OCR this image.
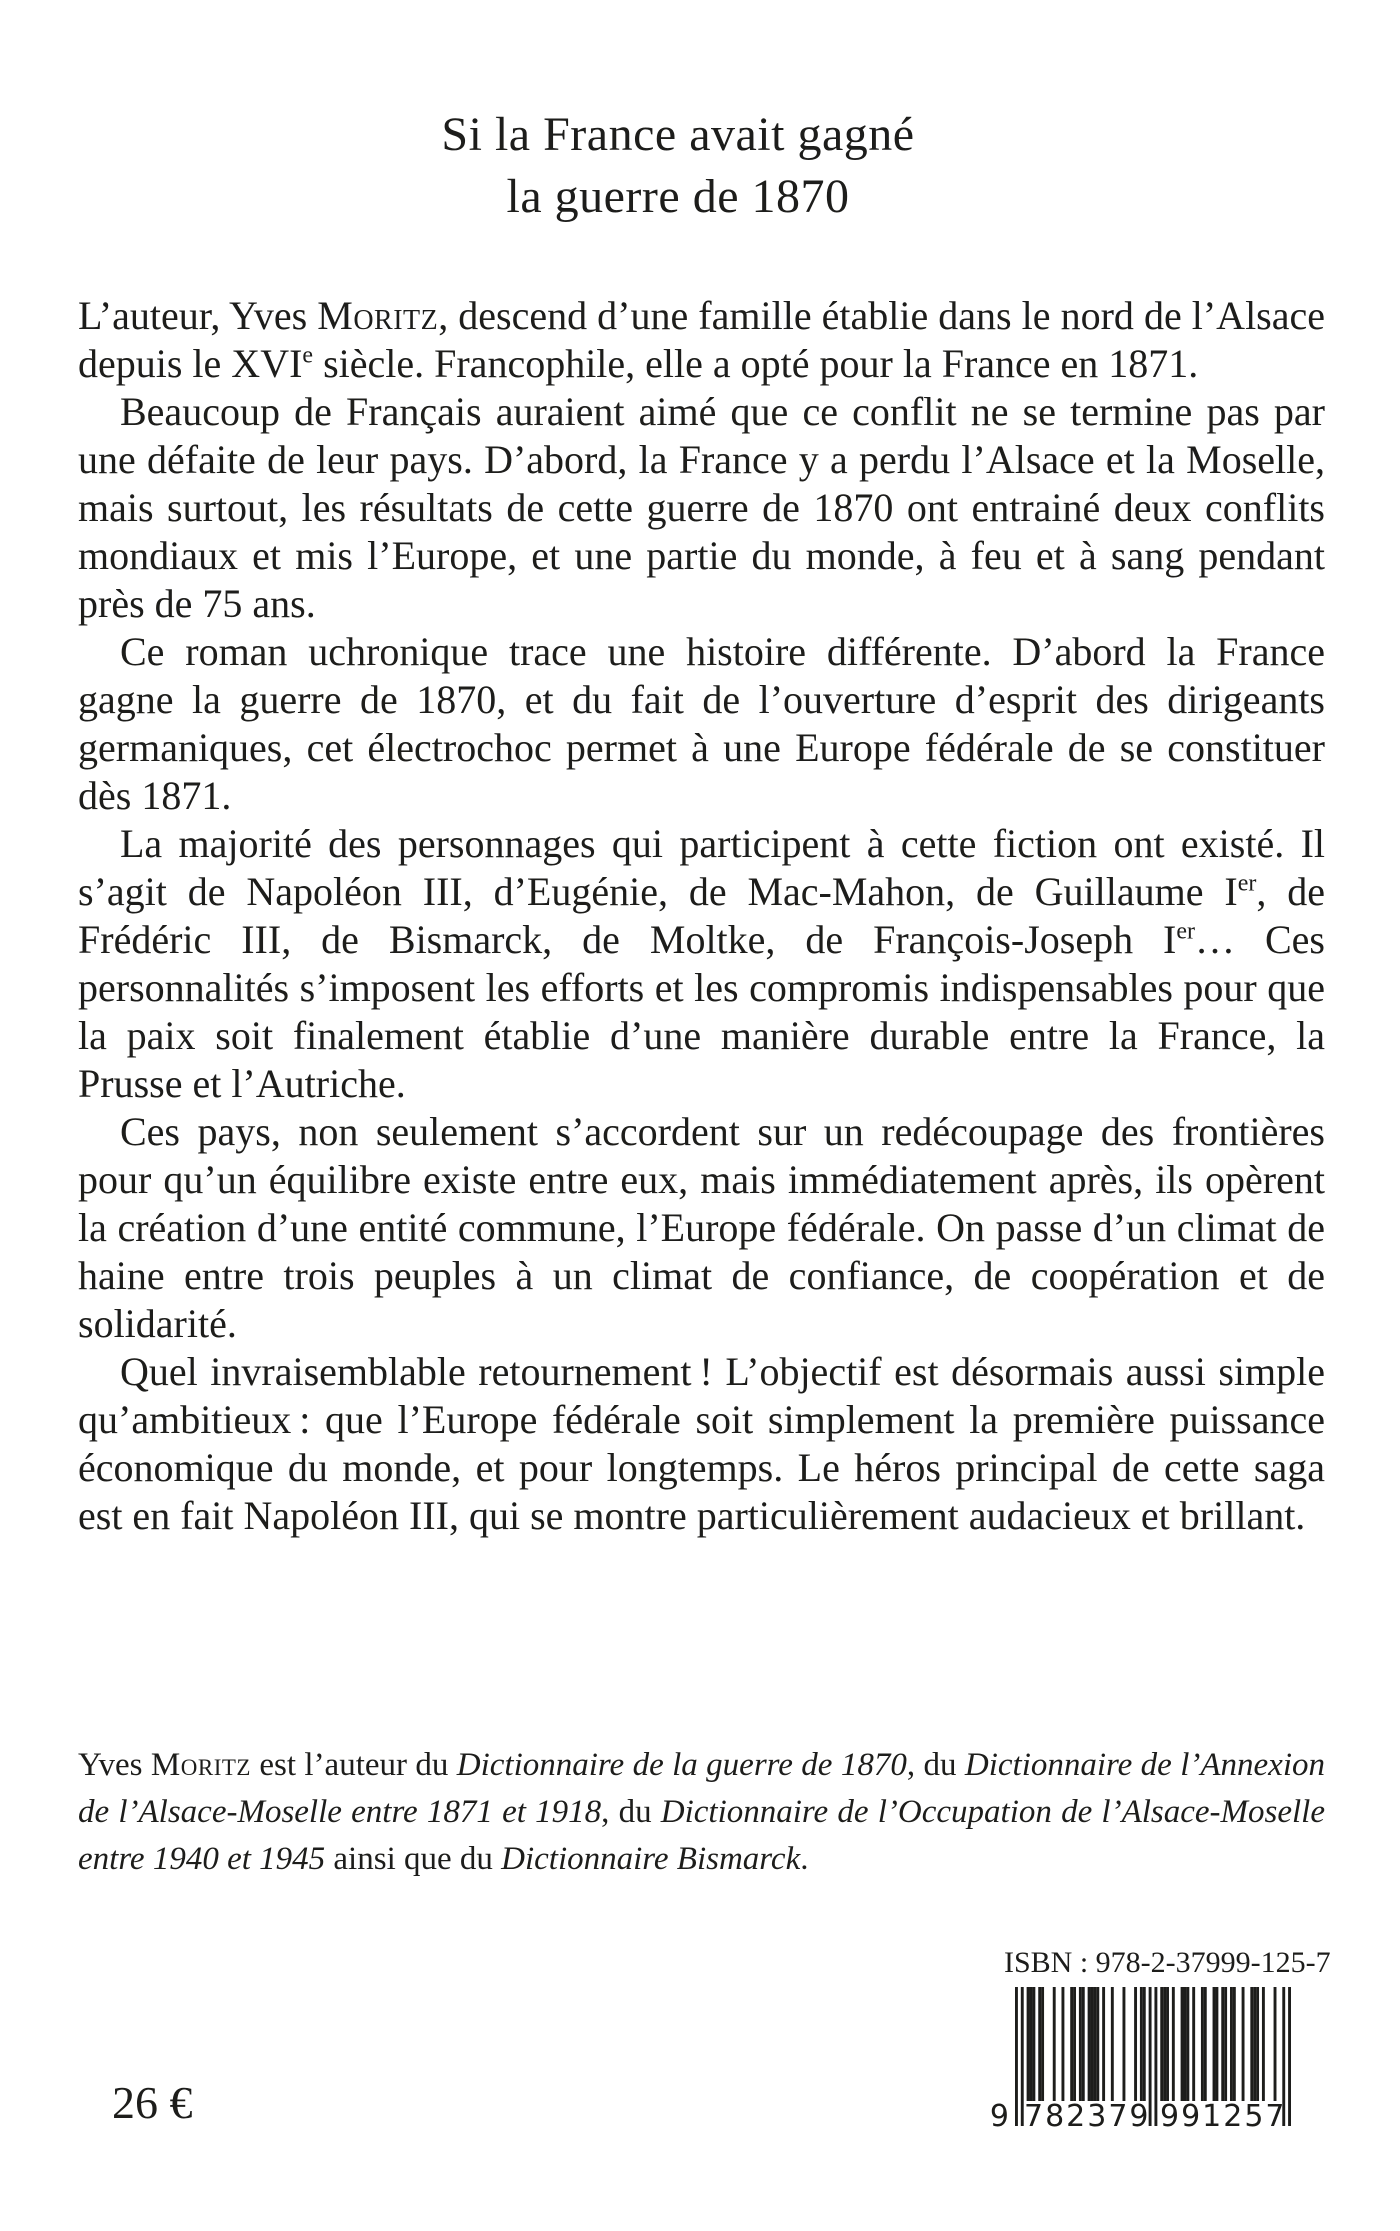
Si la France avait gagné
la guerre de 1870

L’auteur, Yves Moritz, descend d’une famille établie dans le nord de l’Alsace depuis le XVIe siècle. Francophile, elle a opté pour la France en 1871.

Beaucoup de Français auraient aimé que ce conflit ne se termine pas par une défaite de leur pays. D’abord, la France y a perdu l’Alsace et la Moselle, mais surtout, les résultats de cette guerre de 1870 ont entrainé deux conflits mondiaux et mis l’Europe, et une partie du monde, à feu et à sang pendant près de 75 ans.

Ce roman uchronique trace une histoire différente. D’abord la France gagne la guerre de 1870, et du fait de l’ouverture d’esprit des dirigeants germaniques, cet électrochoc permet à une Europe fédérale de se constituer dès 1871.

La majorité des personnages qui participent à cette fiction ont existé. Il s’agit de Napoléon III, d’Eugénie, de Mac-Mahon, de Guillaume Ier, de Frédéric III, de Bismarck, de Moltke, de François-Joseph Ier… Ces personnalités s’imposent les efforts et les compromis indispensables pour que la paix soit finalement établie d’une manière durable entre la France, la Prusse et l’Autriche.

Ces pays, non seulement s’accordent sur un redécoupage des frontières pour qu’un équilibre existe entre eux, mais immédiatement après, ils opèrent la création d’une entité commune, l’Europe fédérale. On passe d’un climat de haine entre trois peuples à un climat de confiance, de coopération et de solidarité.

Quel invraisemblable retournement ! L’objectif est désormais aussi simple qu’ambitieux : que l’Europe fédérale soit simplement la première puissance économique du monde, et pour longtemps. Le héros principal de cette saga est en fait Napoléon III, qui se montre particulièrement audacieux et brillant.

Yves Moritz est l’auteur du Dictionnaire de la guerre de 1870, du Dictionnaire de l’Annexion de l’Alsace-Moselle entre 1871 et 1918, du Dictionnaire de l’Occupation de l’Alsace-Moselle entre 1940 et 1945 ainsi que du Dictionnaire Bismarck.

26 €
ISBN : 978-2-37999-125-7
9 782379 991257
